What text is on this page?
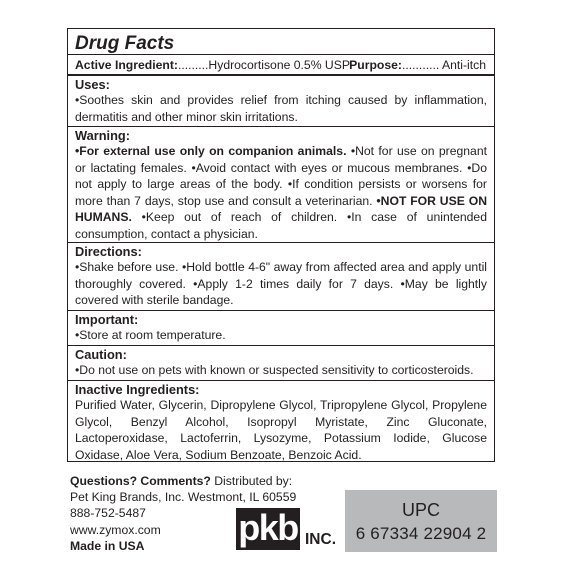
Drug Facts
Active Ingredient:.........Hydrocortisone 0.5% USP Purpose:........... Anti-itch
Uses:
•Soothes skin and provides relief from itching caused by inflammation, dermatitis and other minor skin irritations.
Warning:
•For external use only on companion animals. •Not for use on pregnant or lactating females. •Avoid contact with eyes or mucous membranes. •Do not apply to large areas of the body. •If condition persists or worsens for more than 7 days, stop use and consult a veterinarian. •NOT FOR USE ON HUMANS. •Keep out of reach of children. •In case of unintended consumption, contact a physician.
Directions:
•Shake before use. •Hold bottle 4-6" away from affected area and apply until thoroughly covered. •Apply 1-2 times daily for 7 days. •May be lightly covered with sterile bandage.
Important:
•Store at room temperature.
Caution:
•Do not use on pets with known or suspected sensitivity to corticosteroids.
Inactive Ingredients:
Purified Water, Glycerin, Dipropylene Glycol, Tripropylene Glycol, Propylene Glycol, Benzyl Alcohol, Isopropyl Myristate, Zinc Gluconate, Lactoperoxidase, Lactoferrin, Lysozyme, Potassium Iodide, Glucose Oxidase, Aloe Vera, Sodium Benzoate, Benzoic Acid.
Questions? Comments? Distributed by:
Pet King Brands, Inc. Westmont, IL 60559
888-752-5487
www.zymox.com
Made in USA	pkb INC.
UPC
6 67334 22904 2
